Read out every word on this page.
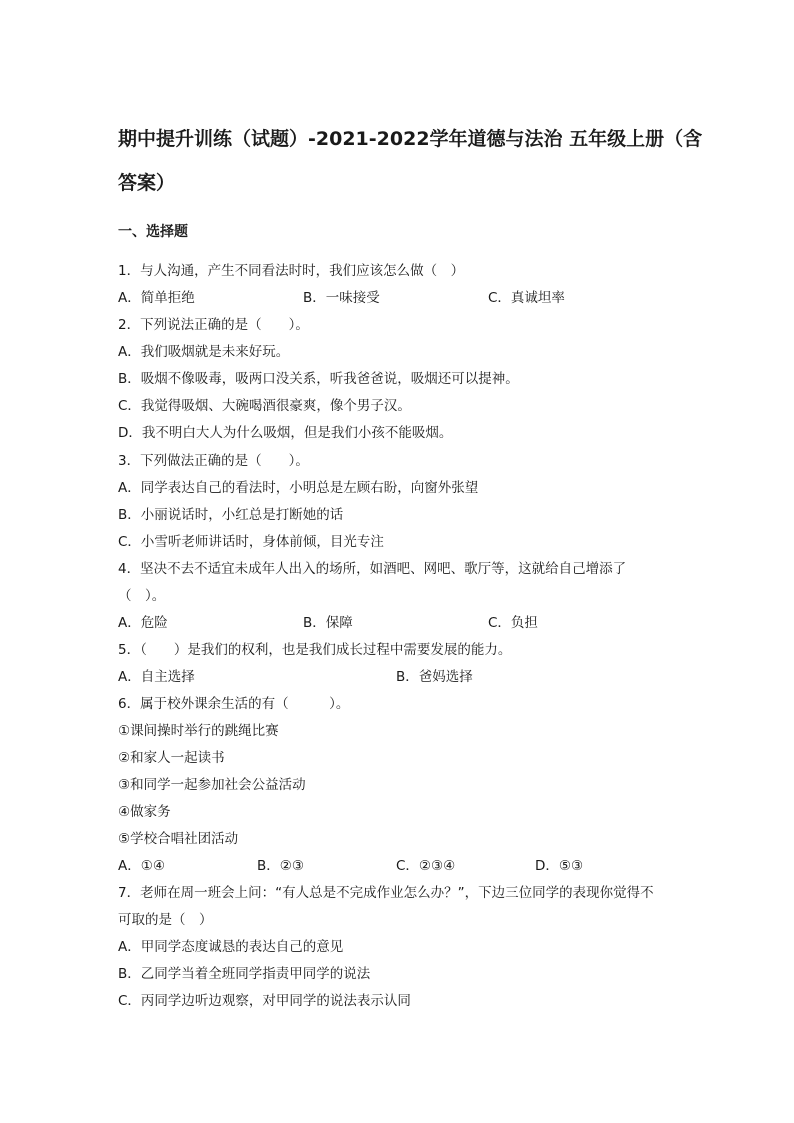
期中提升训练（试题）-2021-2022学年道德与法治 五年级上册（含
答案）
一、选择题
1．与人沟通，产生不同看法时时，我们应该怎么做（　）
A．简单拒绝	B．一味接受	C．真诚坦率
2．下列说法正确的是（　　）。
A．我们吸烟就是未来好玩。
B．吸烟不像吸毒，吸两口没关系，听我爸爸说，吸烟还可以提神。
C．我觉得吸烟、大碗喝酒很豪爽，像个男子汉。
D．我不明白大人为什么吸烟，但是我们小孩不能吸烟。
3．下列做法正确的是（　　）。
A．同学表达自己的看法时，小明总是左顾右盼，向窗外张望
B．小丽说话时，小红总是打断她的话
C．小雪听老师讲话时，身体前倾，目光专注
4．坚决不去不适宜未成年人出入的场所，如酒吧、网吧、歌厅等，这就给自己增添了
（　）。
A．危险	B．保障	C．负担
5．（　　）是我们的权利，也是我们成长过程中需要发展的能力。
A．自主选择	B．爸妈选择
6．属于校外课余生活的有（　　　）。
①课间操时举行的跳绳比赛
②和家人一起读书
③和同学一起参加社会公益活动
④做家务
⑤学校合唱社团活动
A．①④	B．②③	C．②③④	D．⑤③
7．老师在周一班会上问：“有人总是不完成作业怎么办？”，下边三位同学的表现你觉得不
可取的是（　）
A．甲同学态度诚恳的表达自己的意见
B．乙同学当着全班同学指责甲同学的说法
C．丙同学边听边观察，对甲同学的说法表示认同
